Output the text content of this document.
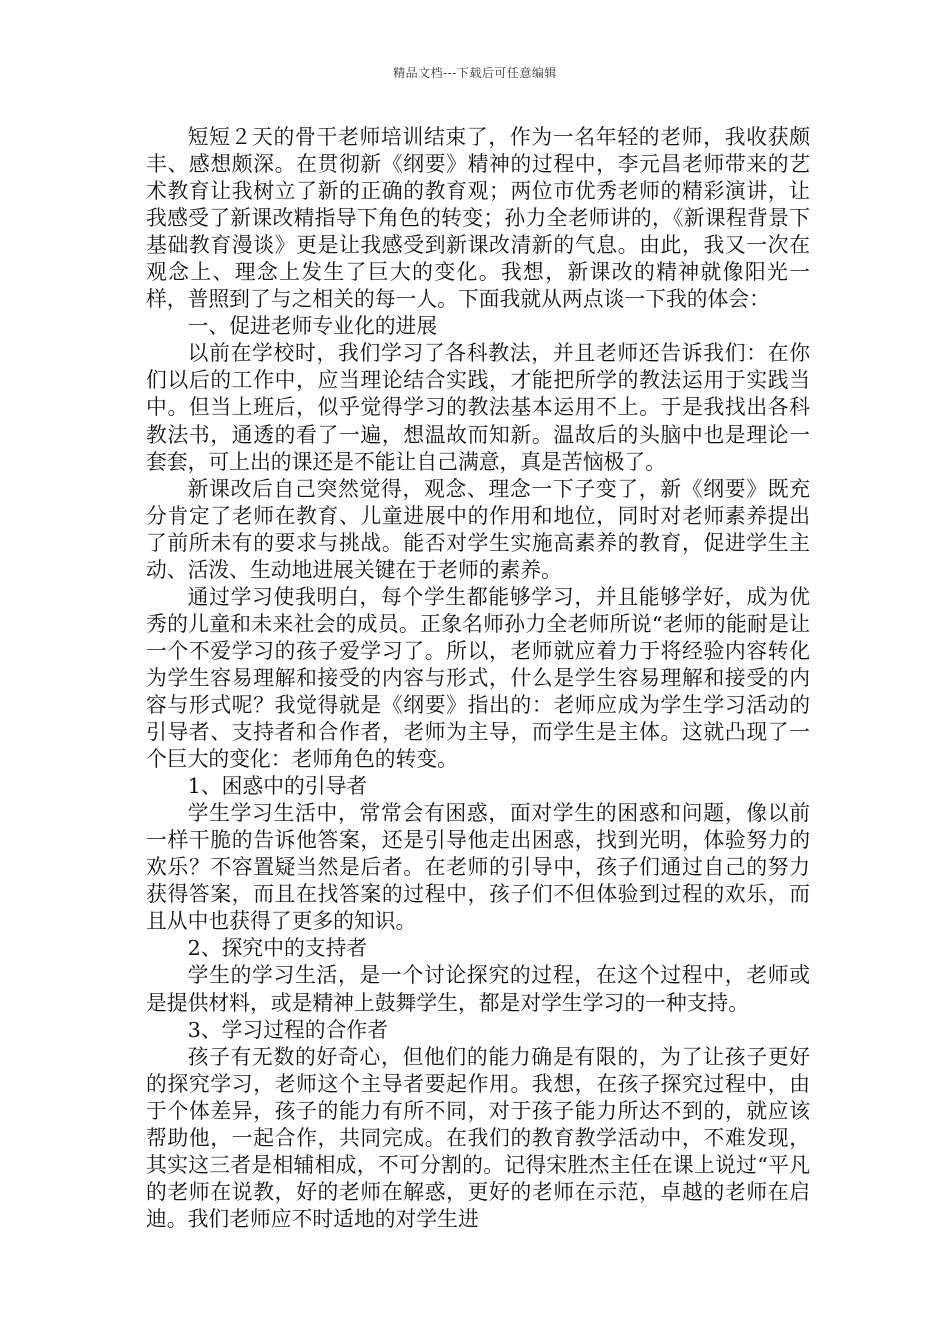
精品文档---下载后可任意编辑

短短２天的骨干老师培训结束了，作为一名年轻的老师，我收获颇丰、感想颇深。在贯彻新《纲要》精神的过程中，李元昌老师带来的艺术教育让我树立了新的正确的教育观；两位市优秀老师的精彩演讲，让我感受了新课改精指导下角色的转变；孙力全老师讲的，《新课程背景下基础教育漫谈》更是让我感受到新课改清新的气息。由此，我又一次在观念上、理念上发生了巨大的变化。我想，新课改的精神就像阳光一样，普照到了与之相关的每一人。下面我就从两点谈一下我的体会：

一、促进老师专业化的进展

以前在学校时，我们学习了各科教法，并且老师还告诉我们：在你们以后的工作中，应当理论结合实践，才能把所学的教法运用于实践当中。但当上班后，似乎觉得学习的教法基本运用不上。于是我找出各科教法书，通透的看了一遍，想温故而知新。温故后的头脑中也是理论一套套，可上出的课还是不能让自己满意，真是苦恼极了。

新课改后自己突然觉得，观念、理念一下子变了，新《纲要》既充分肯定了老师在教育、儿童进展中的作用和地位，同时对老师素养提出了前所未有的要求与挑战。能否对学生实施高素养的教育，促进学生主动、活泼、生动地进展关键在于老师的素养。

通过学习使我明白，每个学生都能够学习，并且能够学好，成为优秀的儿童和未来社会的成员。正象名师孙力全老师所说“老师的能耐是让一个不爱学习的孩子爱学习了。所以，老师就应着力于将经验内容转化为学生容易理解和接受的内容与形式，什么是学生容易理解和接受的内容与形式呢？我觉得就是《纲要》指出的：老师应成为学生学习活动的引导者、支持者和合作者，老师为主导，而学生是主体。这就凸现了一个巨大的变化：老师角色的转变。

1、困惑中的引导者

学生学习生活中，常常会有困惑，面对学生的困惑和问题，像以前一样干脆的告诉他答案，还是引导他走出困惑，找到光明，体验努力的欢乐？不容置疑当然是后者。在老师的引导中，孩子们通过自己的努力获得答案，而且在找答案的过程中，孩子们不但体验到过程的欢乐，而且从中也获得了更多的知识。

2、探究中的支持者

学生的学习生活，是一个讨论探究的过程，在这个过程中，老师或是提供材料，或是精神上鼓舞学生，都是对学生学习的一种支持。

3、学习过程的合作者

孩子有无数的好奇心，但他们的能力确是有限的，为了让孩子更好的探究学习，老师这个主导者要起作用。我想，在孩子探究过程中，由于个体差异，孩子的能力有所不同，对于孩子能力所达不到的，就应该帮助他，一起合作，共同完成。在我们的教育教学活动中，不难发现，其实这三者是相辅相成，不可分割的。记得宋胜杰主任在课上说过“平凡的老师在说教，好的老师在解惑，更好的老师在示范，卓越的老师在启迪。我们老师应不时适地的对学生进
